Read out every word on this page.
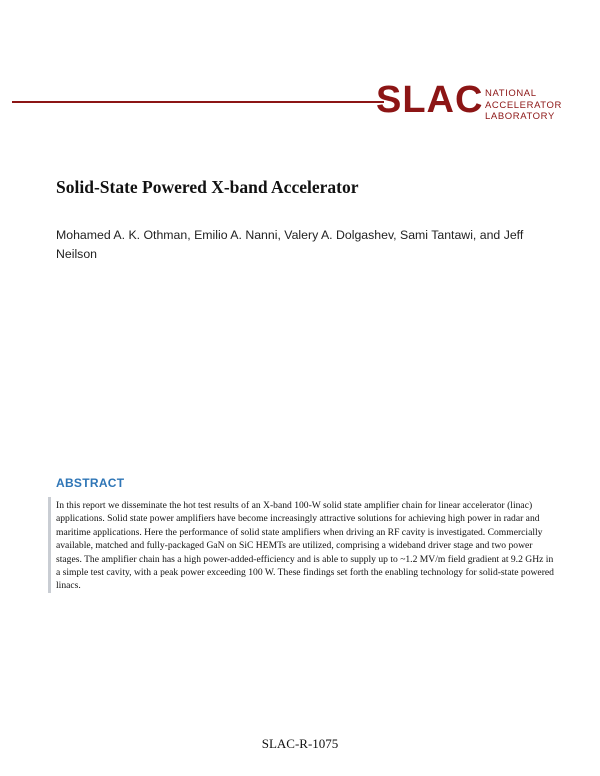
SLAC NATIONAL
ACCELERATOR
LABORATORY
Solid-State Powered X-band Accelerator

Mohamed A. K. Othman, Emilio A. Nanni, Valery A. Dolgashev, Sami Tantawi, and Jeff Neilson

ABSTRACT

In this report we disseminate the hot test results of an X-band 100-W solid state amplifier chain for linear accelerator (linac) applications. Solid state power amplifiers have become increasingly attractive solutions for achieving high power in radar and maritime applications. Here the performance of solid state amplifiers when driving an RF cavity is investigated. Commercially available, matched and fully-packaged GaN on SiC HEMTs are utilized, comprising a wideband driver stage and two power stages. The amplifier chain has a high power-added-efficiency and is able to supply up to ~1.2 MV/m field gradient at 9.2 GHz in a simple test cavity, with a peak power exceeding 100 W. These findings set forth the enabling technology for solid-state powered linacs.

SLAC-R-1075
